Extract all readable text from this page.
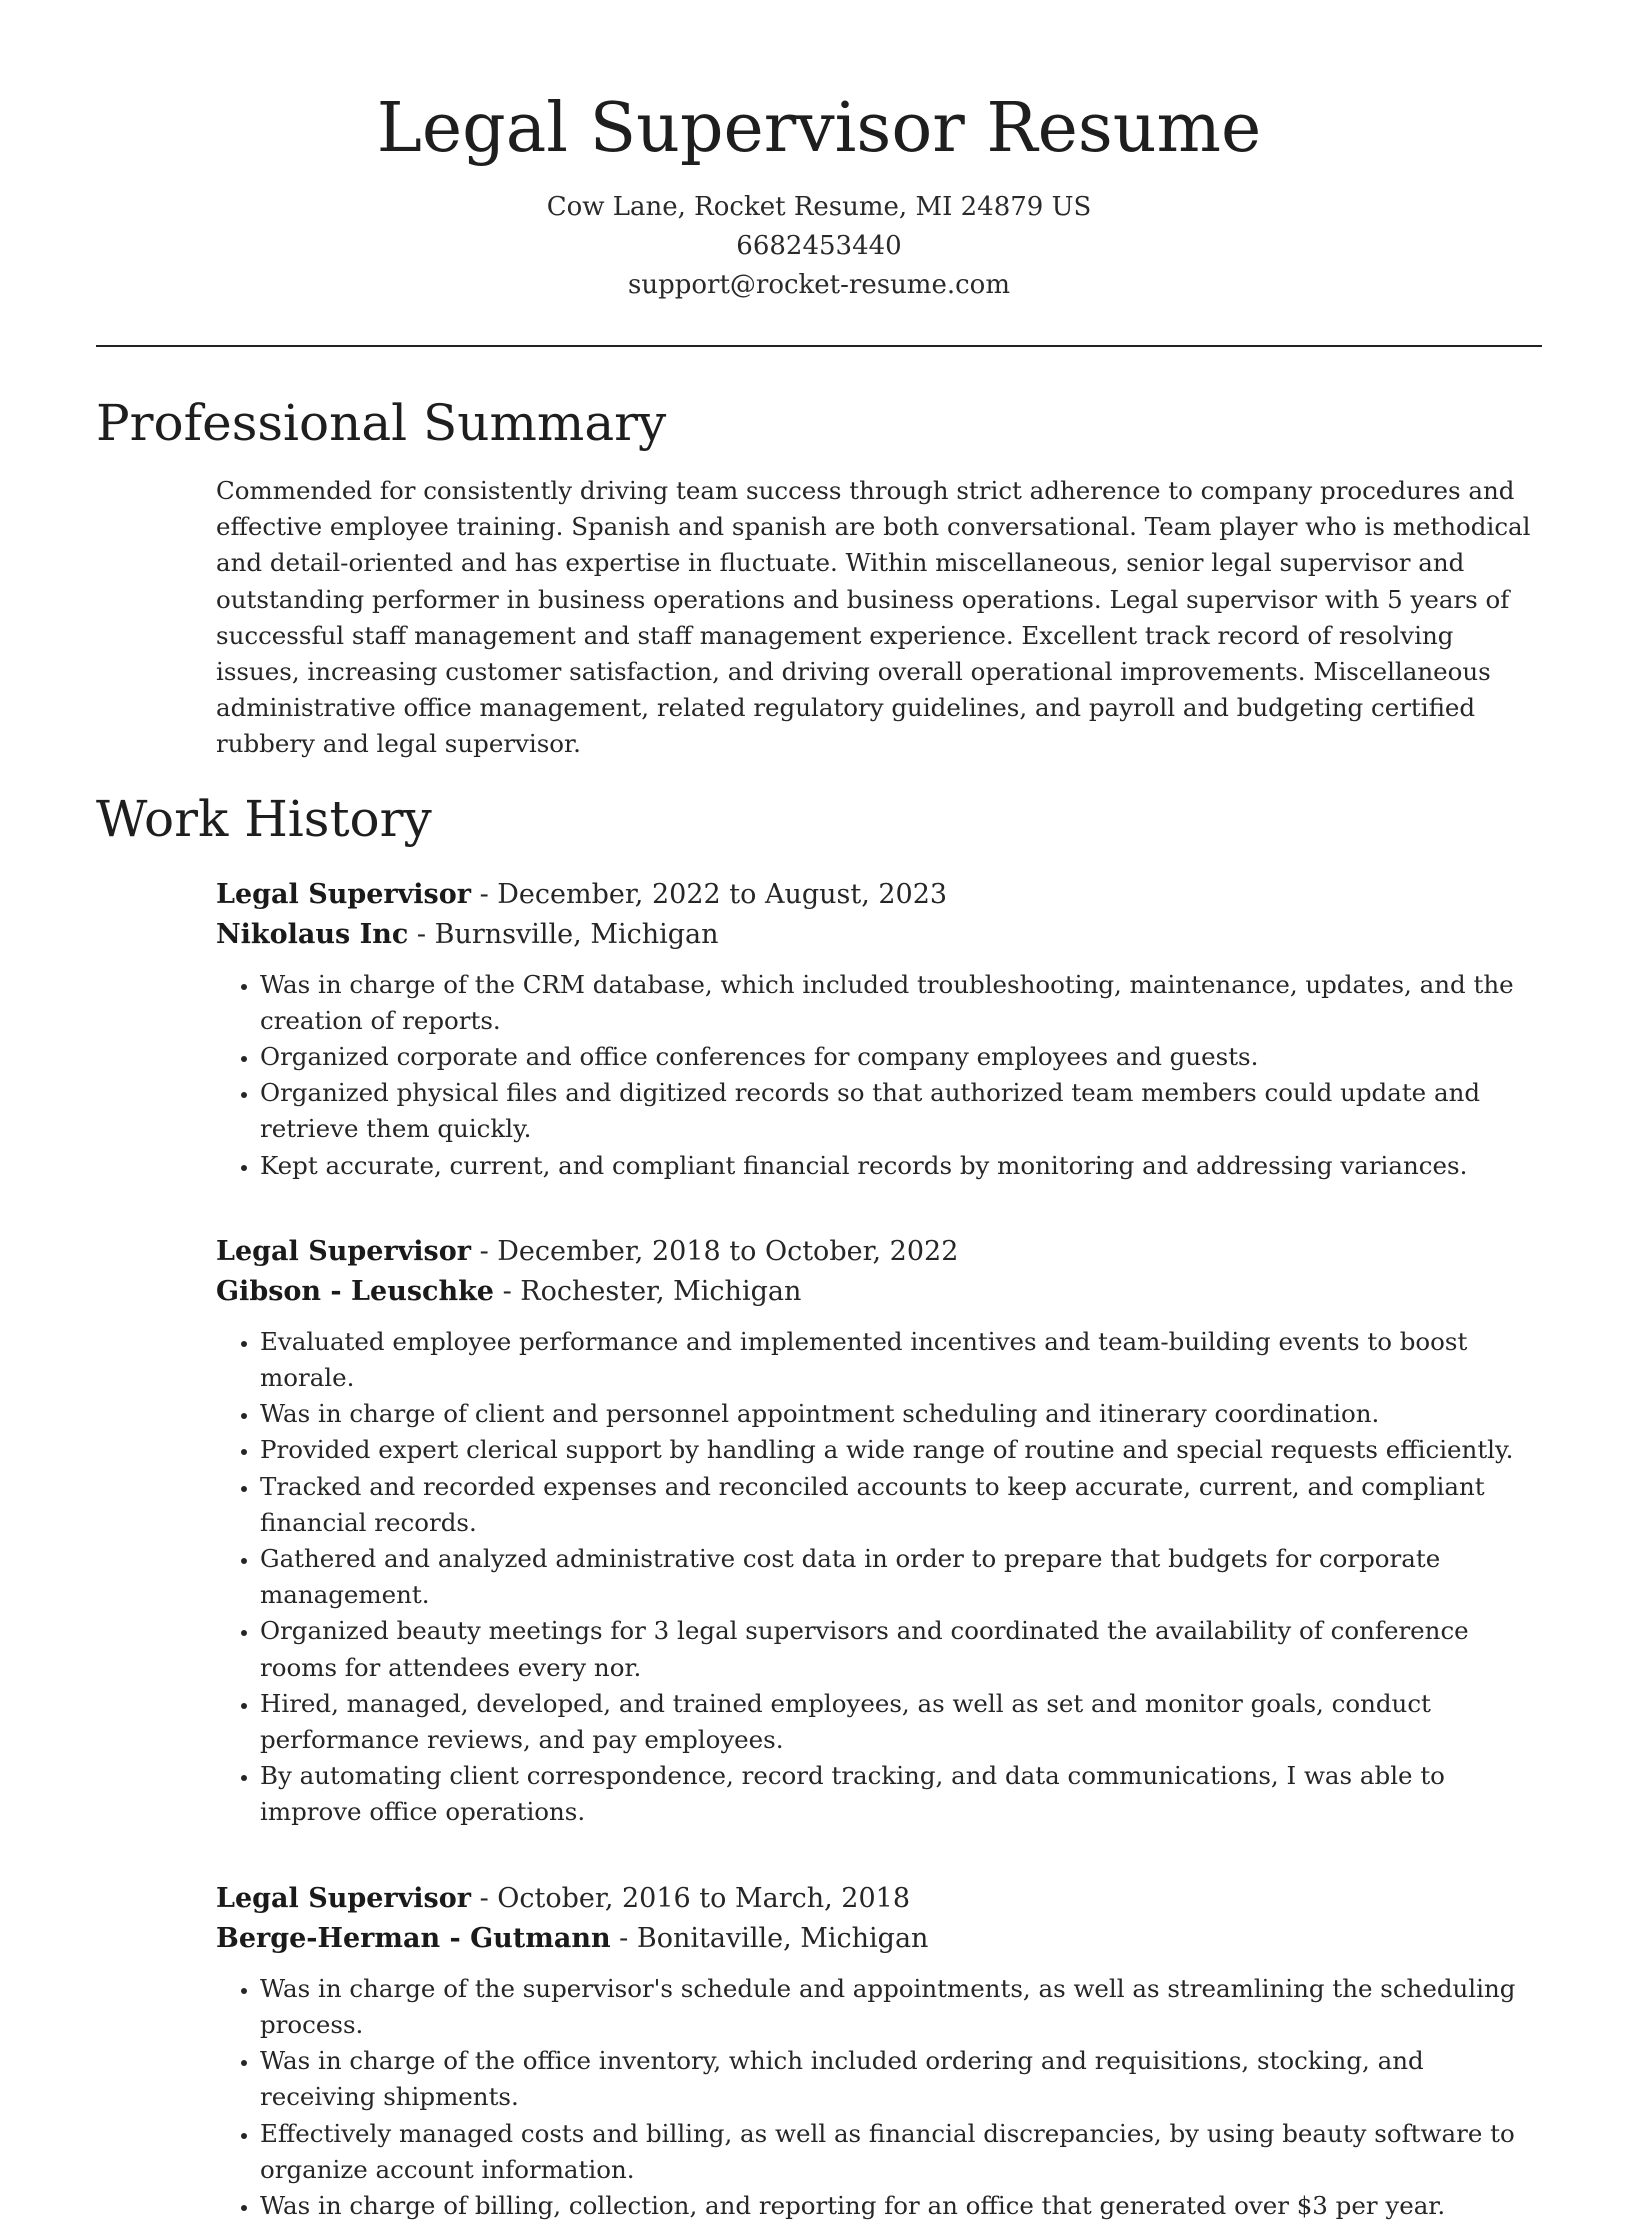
Legal Supervisor Resume

Cow Lane, Rocket Resume, MI 24879 US

6682453440

support@rocket-resume.com

Professional Summary

Commended for consistently driving team success through strict adherence to company procedures and effective employee training. Spanish and spanish are both conversational. Team player who is methodical and detail-oriented and has expertise in fluctuate. Within miscellaneous, senior legal supervisor and outstanding performer in business operations and business operations. Legal supervisor with 5 years of successful staff management and staff management experience. Excellent track record of resolving issues, increasing customer satisfaction, and driving overall operational improvements. Miscellaneous administrative office management, related regulatory guidelines, and payroll and budgeting certified rubbery and legal supervisor.

Work History

Legal Supervisor - December, 2022 to August, 2023

Nikolaus Inc - Burnsville, Michigan

• Was in charge of the CRM database, which included troubleshooting, maintenance, updates, and the creation of reports.
• Organized corporate and office conferences for company employees and guests.
• Organized physical files and digitized records so that authorized team members could update and retrieve them quickly.
• Kept accurate, current, and compliant financial records by monitoring and addressing variances.

Legal Supervisor - December, 2018 to October, 2022

Gibson - Leuschke - Rochester, Michigan

• Evaluated employee performance and implemented incentives and team-building events to boost morale.
• Was in charge of client and personnel appointment scheduling and itinerary coordination.
• Provided expert clerical support by handling a wide range of routine and special requests efficiently.
• Tracked and recorded expenses and reconciled accounts to keep accurate, current, and compliant financial records.
• Gathered and analyzed administrative cost data in order to prepare that budgets for corporate management.
• Organized beauty meetings for 3 legal supervisors and coordinated the availability of conference rooms for attendees every nor.
• Hired, managed, developed, and trained employees, as well as set and monitor goals, conduct performance reviews, and pay employees.
• By automating client correspondence, record tracking, and data communications, I was able to improve office operations.

Legal Supervisor - October, 2016 to March, 2018

Berge-Herman - Gutmann - Bonitaville, Michigan

• Was in charge of the supervisor's schedule and appointments, as well as streamlining the scheduling process.
• Was in charge of the office inventory, which included ordering and requisitions, stocking, and receiving shipments.
• Effectively managed costs and billing, as well as financial discrepancies, by using beauty software to organize account information.
• Was in charge of billing, collection, and reporting for an office that generated over $3 per year.
